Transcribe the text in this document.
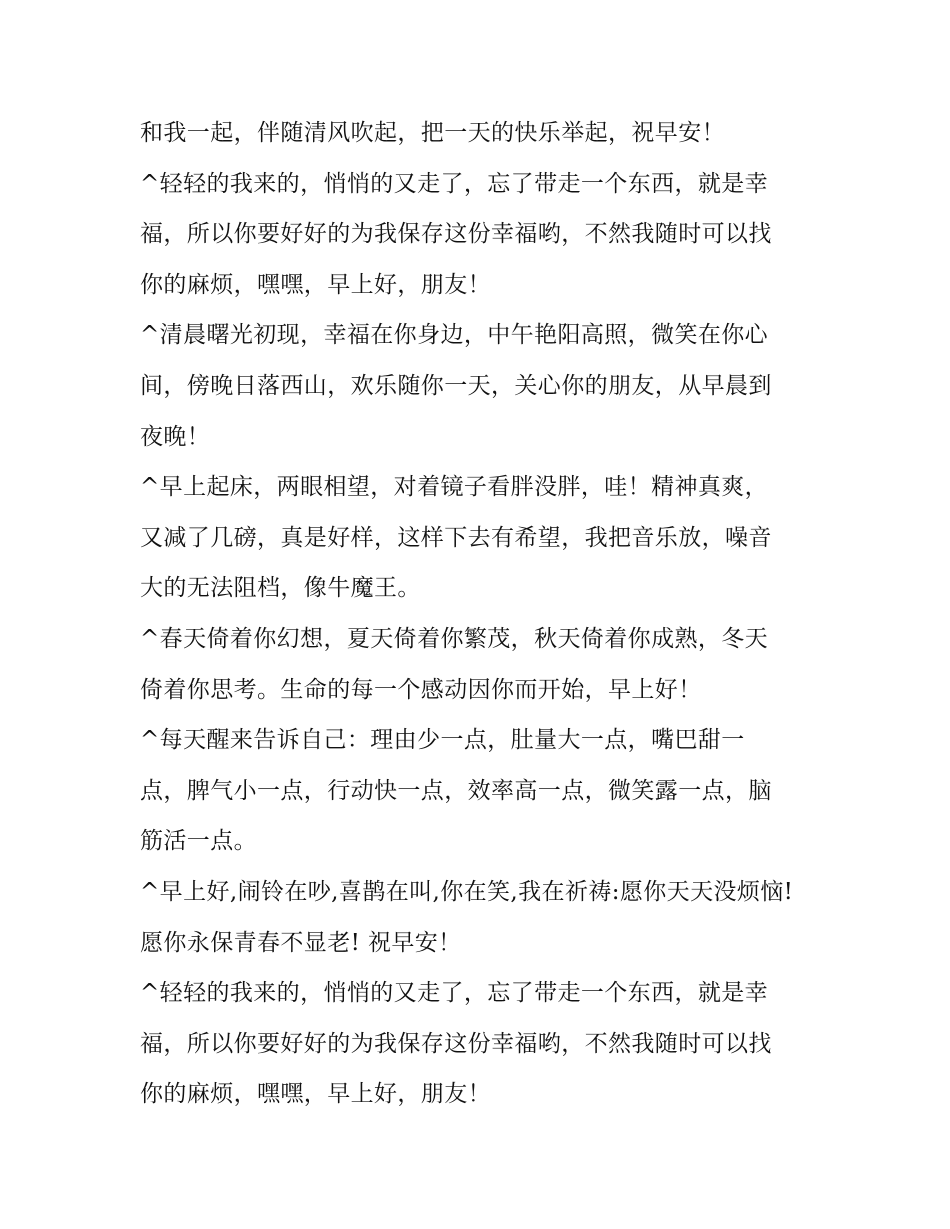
和我一起，伴随清风吹起，把一天的快乐举起，祝早安！
^轻轻的我来的，悄悄的又走了，忘了带走一个东西，就是幸
福，所以你要好好的为我保存这份幸福哟，不然我随时可以找
你的麻烦，嘿嘿，早上好，朋友！
^清晨曙光初现，幸福在你身边，中午艳阳高照，微笑在你心
间，傍晚日落西山，欢乐随你一天，关心你的朋友，从早晨到
夜晚！
^早上起床，两眼相望，对着镜子看胖没胖，哇！精神真爽，
又减了几磅，真是好样，这样下去有希望，我把音乐放，噪音
大的无法阻档，像牛魔王。
^春天倚着你幻想，夏天倚着你繁茂，秋天倚着你成熟，冬天
倚着你思考。生命的每一个感动因你而开始，早上好！
^每天醒来告诉自己：理由少一点，肚量大一点，嘴巴甜一
点，脾气小一点，行动快一点，效率高一点，微笑露一点，脑
筋活一点。
^早上好,闹铃在吵,喜鹊在叫,你在笑,我在祈祷:愿你天天没烦恼!
愿你永保青春不显老! 祝早安！
^轻轻的我来的，悄悄的又走了，忘了带走一个东西，就是幸
福，所以你要好好的为我保存这份幸福哟，不然我随时可以找
你的麻烦，嘿嘿，早上好，朋友！
